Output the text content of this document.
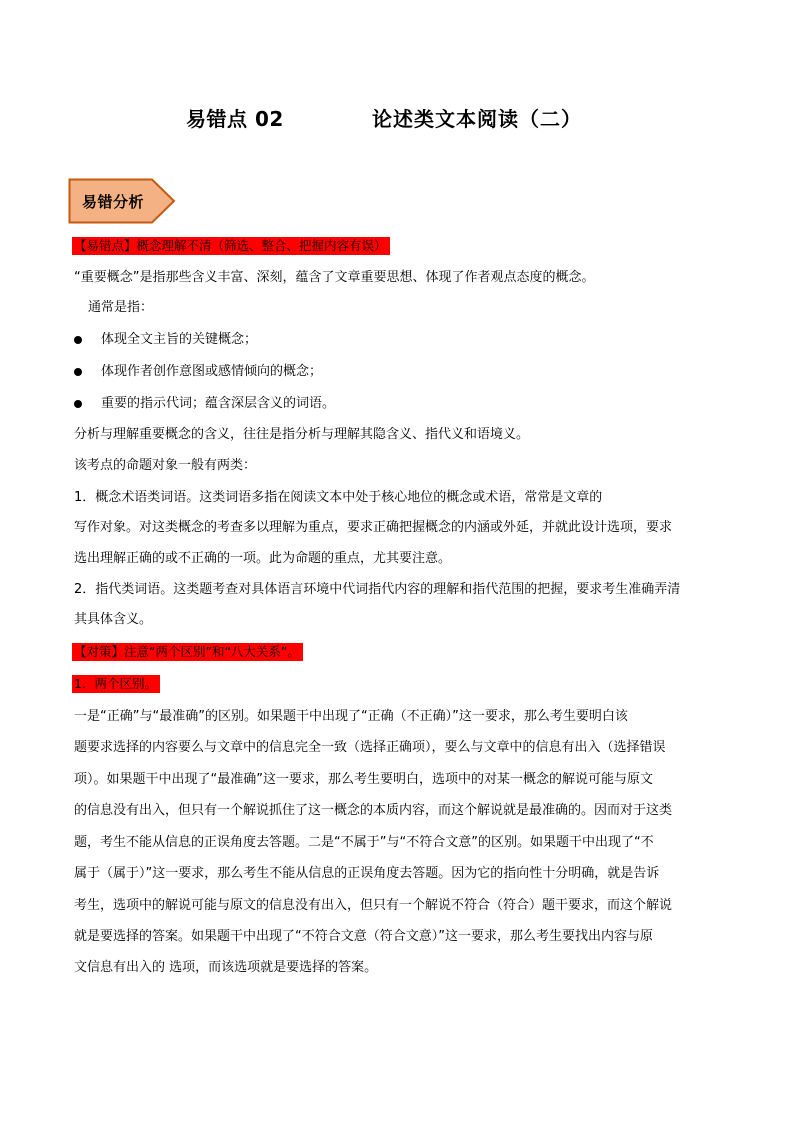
易错点 02	论述类文本阅读（二）
易错分析
【易错点】概念理解不清（筛选、整合、把握内容有误）
“重要概念”是指那些含义丰富、深刻，蕴含了文章重要思想、体现了作者观点态度的概念。
通常是指：
体现全文主旨的关键概念；
体现作者创作意图或感情倾向的概念；
重要的指示代词；蕴含深层含义的词语。
分析与理解重要概念的含义，往往是指分析与理解其隐含义、指代义和语境义。
该考点的命题对象一般有两类：
1．概念术语类词语。这类词语多指在阅读文本中处于核心地位的概念或术语，常常是文章的
写作对象。对这类概念的考查多以理解为重点，要求正确把握概念的内涵或外延，并就此设计选项，要求
选出理解正确的或不正确的一项。此为命题的重点，尤其要注意。
2．指代类词语。这类题考查对具体语言环境中代词指代内容的理解和指代范围的把握，要求考生准确弄清
其具体含义。
【对策】注意“两个区别”和“八大关系”。
1．两个区别。
一是“正确”与“最准确”的区别。如果题干中出现了“正确（不正确）”这一要求，那么考生要明白该
题要求选择的内容要么与文章中的信息完全一致（选择正确项），要么与文章中的信息有出入（选择错误
项）。如果题干中出现了“最准确”这一要求，那么考生要明白，选项中的对某一概念的解说可能与原文
的信息没有出入，但只有一个解说抓住了这一概念的本质内容，而这个解说就是最准确的。因而对于这类
题，考生不能从信息的正误角度去答题。二是“不属于”与“不符合文意”的区别。如果题干中出现了“不
属于（属于）”这一要求，那么考生不能从信息的正误角度去答题。因为它的指向性十分明确，就是告诉
考生，选项中的解说可能与原文的信息没有出入，但只有一个解说不符合（符合）题干要求，而这个解说
就是要选择的答案。如果题干中出现了“不符合文意（符合文意）”这一要求，那么考生要找出内容与原
文信息有出入的 选项，而该选项就是要选择的答案。
